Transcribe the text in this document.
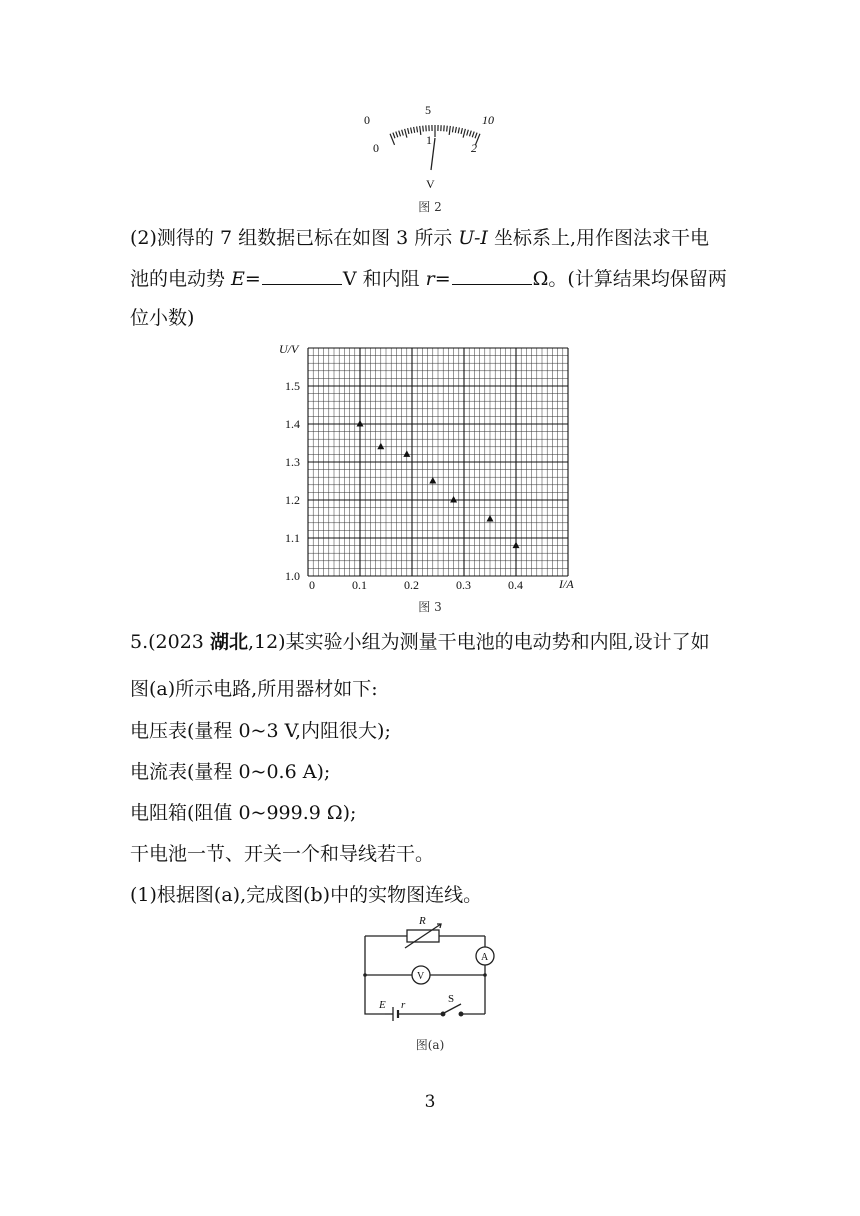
0
5
10
0
1
2
V
图 2
(2)测得的 7 组数据已标在如图 3 所示 U-I 坐标系上,用作图法求干电
池的电动势 E=	V 和内阻 r=	Ω。(计算结果均保留两
位小数)
0	0.1	0.2	0.3	0.4
1.0
1.1
1.2
1.3
1.4
1.5
U/V
I/A
图 3
5.(2023 湖北,12)某实验小组为测量干电池的电动势和内阻,设计了如
图(a)所示电路,所用器材如下:
电压表(量程 0~3 V,内阻很大);
电流表(量程 0~0.6 A);
电阻箱(阻值 0~999.9 Ω);
干电池一节、开关一个和导线若干。
(1)根据图(a),完成图(b)中的实物图连线。
R
A
V
E r	S
图(a)
3
